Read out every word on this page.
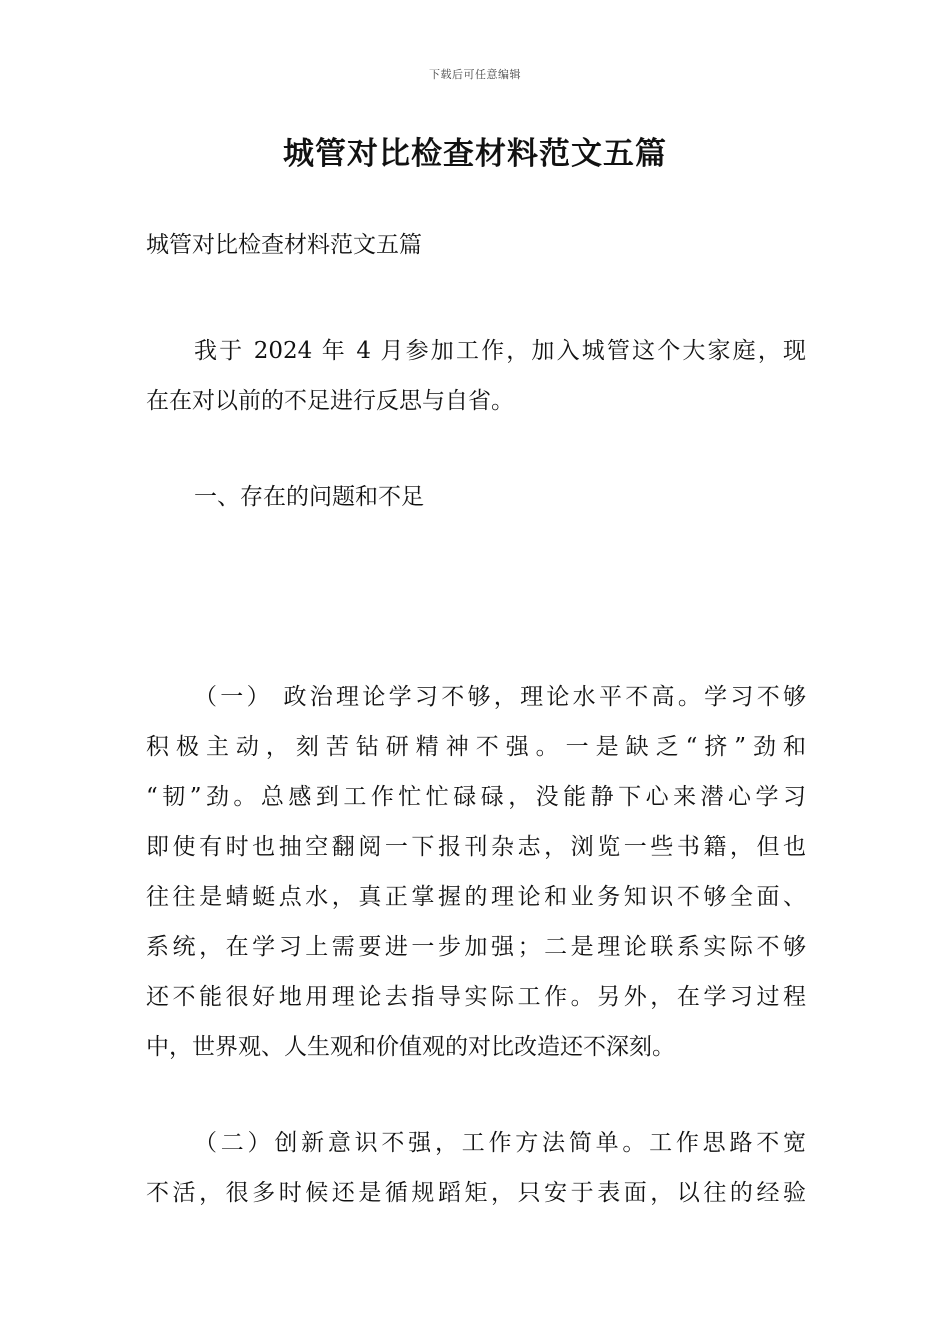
下载后可任意编辑
城管对比检查材料范文五篇
城管对比检查材料范文五篇
我于 2024 年 4 月参加工作，加入城管这个大家庭，现
在在对以前的不足进行反思与自省。
一、存在的问题和不足
（一） 政治理论学习不够，理论水平不高。学习不够
积极主动，刻苦钻研精神不强。一是缺乏“挤”劲和
“韧”劲。总感到工作忙忙碌碌，没能静下心来潜心学习
即使有时也抽空翻阅一下报刊杂志，浏览一些书籍，但也
往往是蜻蜓点水，真正掌握的理论和业务知识不够全面、
系统，在学习上需要进一步加强；二是理论联系实际不够
还不能很好地用理论去指导实际工作。另外，在学习过程
中，世界观、人生观和价值观的对比改造还不深刻。
（二）创新意识不强，工作方法简单。工作思路不宽
不活，很多时候还是循规蹈矩，只安于表面，以往的经验
